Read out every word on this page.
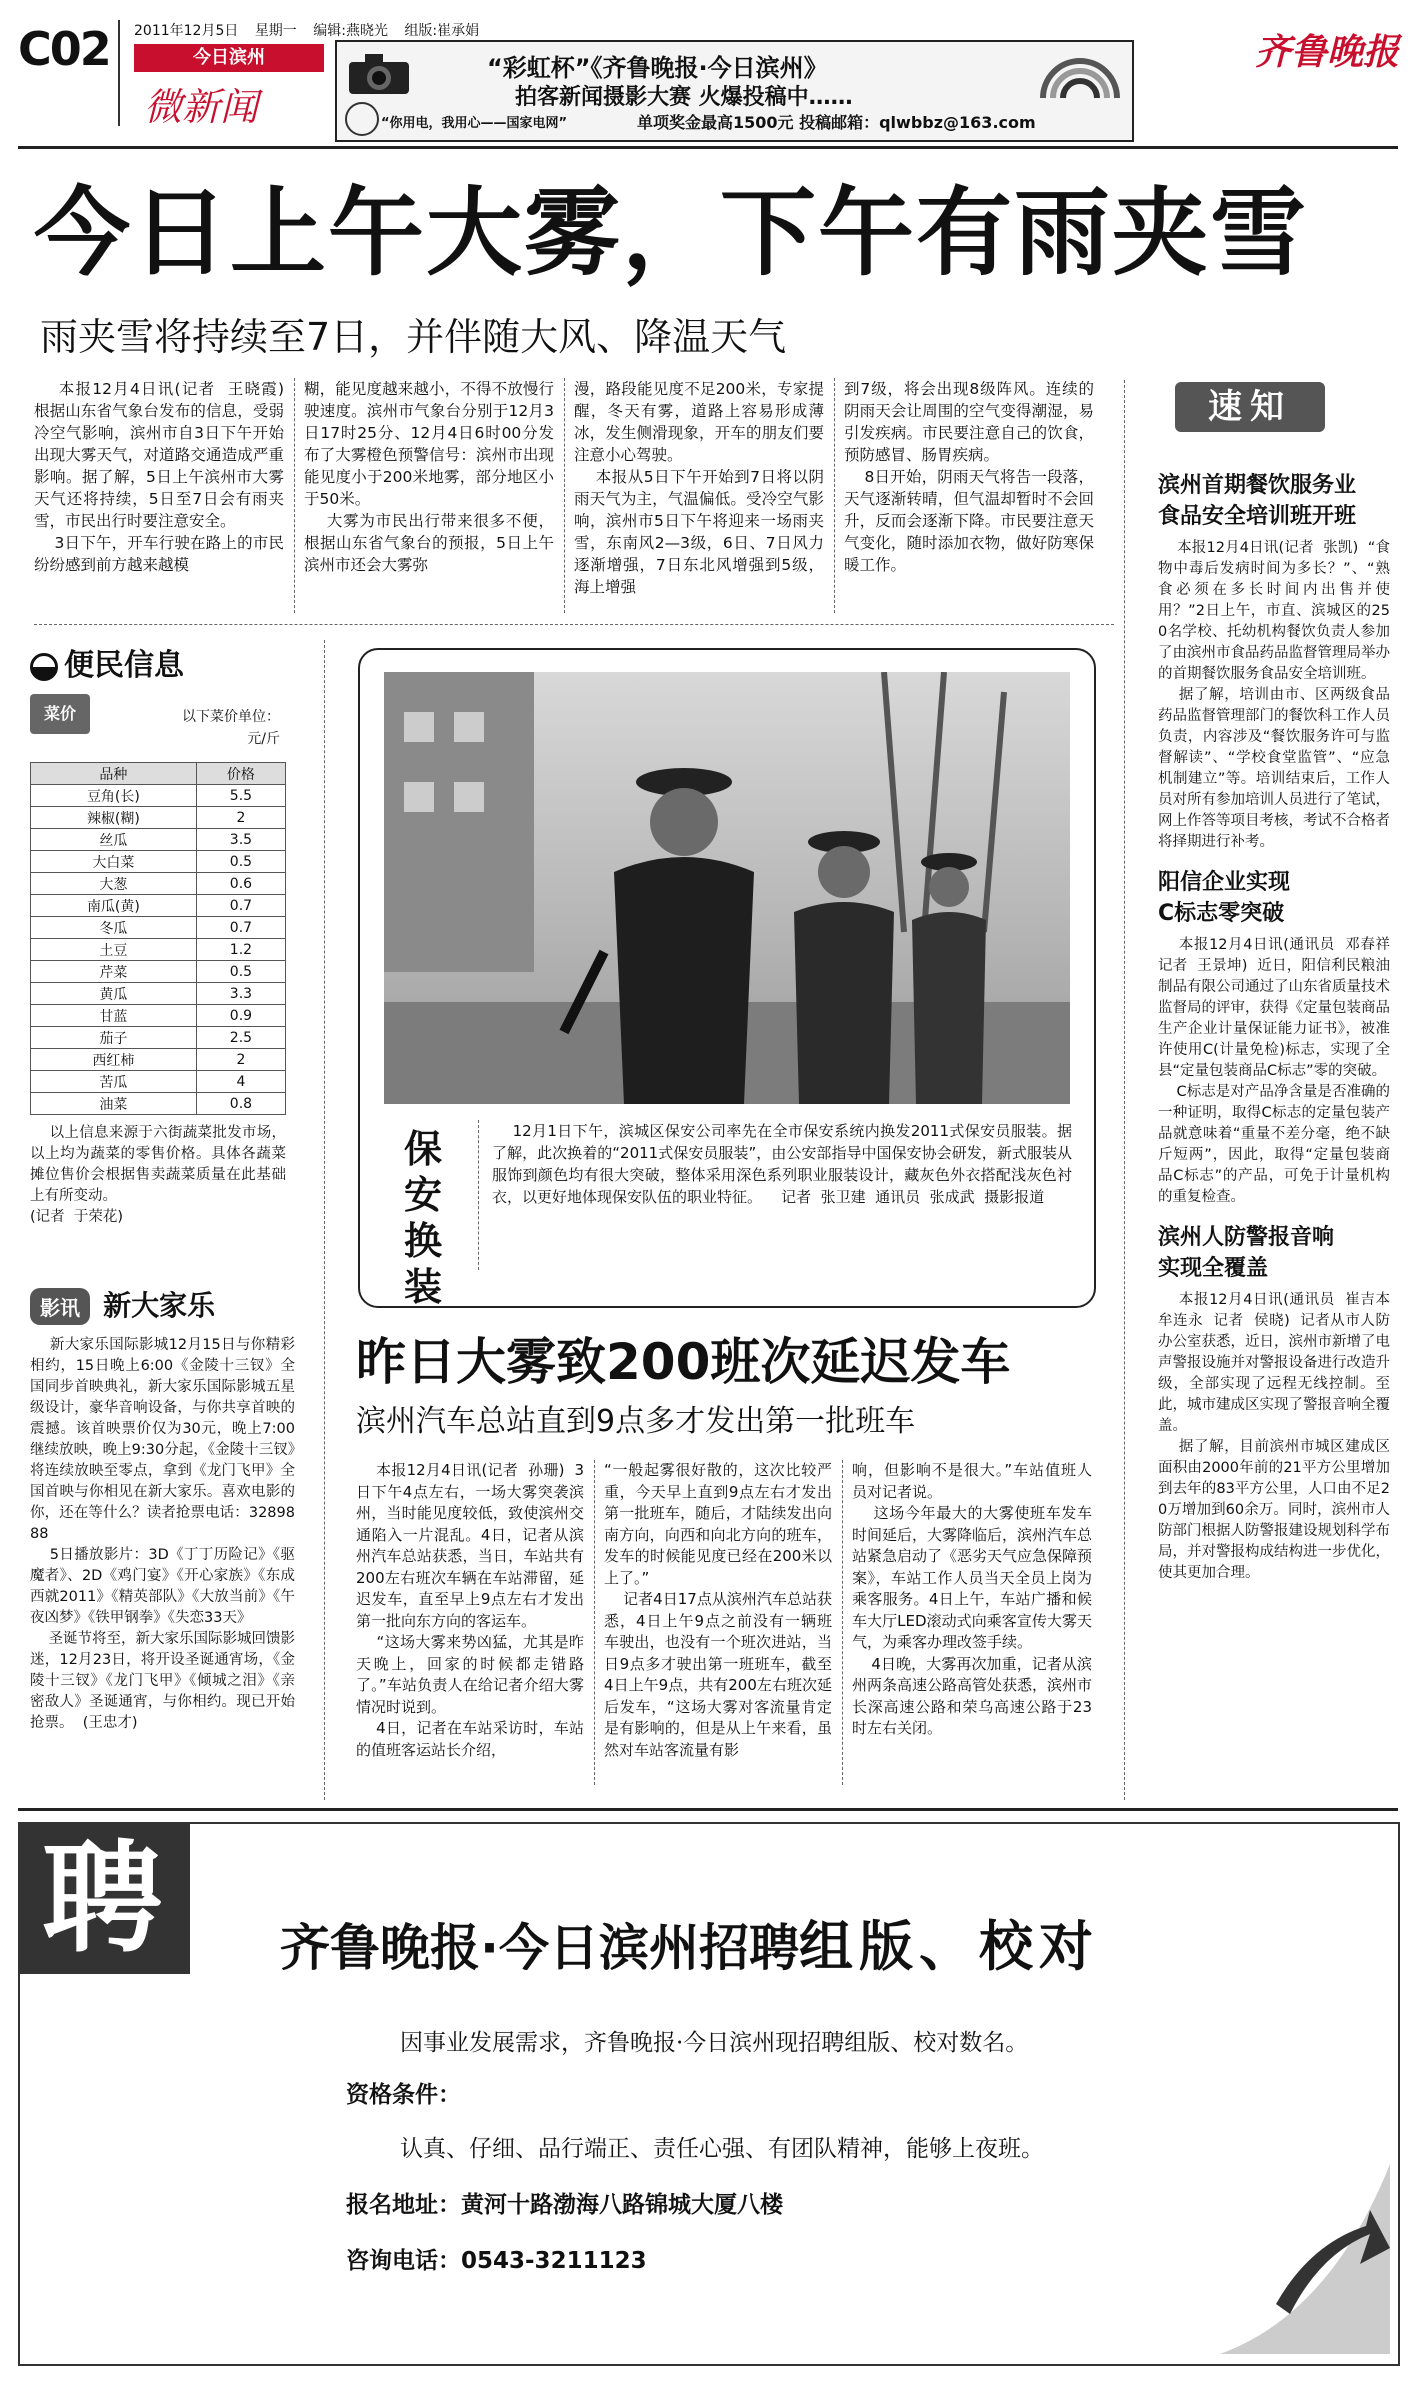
C02 2011年12月5日 星期一 编辑:燕晓光 组版:崔承娟
今日滨州
微新闻
“彩虹杯”《齐鲁晚报·今日滨州》
拍客新闻摄影大赛 火爆投稿中……
“你用电，我用心——国家电网”	单项奖金最高1500元 投稿邮箱：qlwbbz@163.com
齐鲁晚报
今日上午大雾，下午有雨夹雪
雨夹雪将持续至7日，并伴随大风、降温天气
本报12月4日讯(记者  王晓霞)  根据山东省气象台发布的信息，受弱冷空气影响，滨州市自3日下午开始出现大雾天气，对道路交通造成严重影响。据了解，5日上午滨州市大雾天气还将持续，5日至7日会有雨夹雪，市民出行时要注意安全。
3日下午，开车行驶在路上的市民纷纷感到前方越来越模
糊，能见度越来越小，不得不放慢行驶速度。滨州市气象台分别于12月3日17时25分、12月4日6时00分发布了大雾橙色预警信号：滨州市出现能见度小于200米地雾，部分地区小于50米。
大雾为市民出行带来很多不便，根据山东省气象台的预报，5日上午滨州市还会大雾弥
漫，路段能见度不足200米，专家提醒，冬天有雾，道路上容易形成薄冰，发生侧滑现象，开车的朋友们要注意小心驾驶。
本报从5日下午开始到7日将以阴雨天气为主，气温偏低。受冷空气影响，滨州市5日下午将迎来一场雨夹雪，东南风2—3级，6日、7日风力逐渐增强，7日东北风增强到5级，海上增强
到7级，将会出现8级阵风。连续的阴雨天会让周围的空气变得潮湿，易引发疾病。市民要注意自己的饮食，预防感冒、肠胃疾病。
8日开始，阴雨天气将告一段落，天气逐渐转晴，但气温却暂时不会回升，反而会逐渐下降。市民要注意天气变化，随时添加衣物，做好防寒保暖工作。
速知
滨州首期餐饮服务业
食品安全培训班开班
本报12月4日讯(记者  张凯)  “食物中毒后发病时间为多长？”、“熟食必须在多长时间内出售并使用？”2日上午，市直、滨城区的250名学校、托幼机构餐饮负责人参加了由滨州市食品药品监督管理局举办的首期餐饮服务食品安全培训班。
据了解，培训由市、区两级食品药品监督管理部门的餐饮科工作人员负责，内容涉及“餐饮服务许可与监督解读”、“学校食堂监管”、“应急机制建立”等。培训结束后，工作人员对所有参加培训人员进行了笔试，网上作答等项目考核，考试不合格者将择期进行补考。
阳信企业实现
C标志零突破
本报12月4日讯(通讯员  邓春祥  记者  王景坤)  近日，阳信利民粮油制品有限公司通过了山东省质量技术监督局的评审，获得《定量包装商品生产企业计量保证能力证书》，被准许使用C(计量免检)标志，实现了全县“定量包装商品C标志”零的突破。
C标志是对产品净含量是否准确的一种证明，取得C标志的定量包装产品就意味着“重量不差分毫，绝不缺斤短两”，因此，取得“定量包装商品C标志”的产品，可免于计量机构的重复检查。
滨州人防警报音响
实现全覆盖
本报12月4日讯(通讯员  崔吉本  牟连永  记者  侯晓)  记者从市人防办公室获悉，近日，滨州市新增了电声警报设施并对警报设备进行改造升级，全部实现了远程无线控制。至此，城市建成区实现了警报音响全覆盖。
据了解，目前滨州市城区建成区面积由2000年前的21平方公里增加到去年的83平方公里，人口由不足20万增加到60余万。同时，滨州市人防部门根据人防警报建设规划科学布局，并对警报构成结构进一步优化，使其更加合理。
便民信息
菜价	以下菜价单位：
元/斤
品种	价格
豆角(长)	5.5
辣椒(糊)	2
丝瓜	3.5
大白菜	0.5
大葱	0.6
南瓜(黄)	0.7
冬瓜	0.7
土豆	1.2
芹菜	0.5
黄瓜	3.3
甘蓝	0.9
茄子	2.5
西红柿	2
苦瓜	4
油菜	0.8
以上信息来源于六街蔬菜批发市场，以上均为蔬菜的零售价格。具体各蔬菜摊位售价会根据售卖蔬菜质量在此基础上有所变动。
(记者  于荣花)
影讯 新大家乐
新大家乐国际影城12月15日与你精彩相约，15日晚上6:00《金陵十三钗》全国同步首映典礼，新大家乐国际影城五星级设计，豪华音响设备，与你共享首映的震撼。该首映票价仅为30元，晚上7:00继续放映，晚上9:30分起，《金陵十三钗》将连续放映至零点，拿到《龙门飞甲》全国首映与你相见在新大家乐。喜欢电影的你，还在等什么？读者抢票电话：3289888
5日播放影片：3D《丁丁历险记》《驱魔者》、2D《鸡门宴》《开心家族》《东成西就2011》《精英部队》《大放当前》《午夜凶梦》《铁甲钢拳》《失恋33天》
圣诞节将至，新大家乐国际影城回馈影迷，12月23日，将开设圣诞通宵场，《金陵十三钗》《龙门飞甲》《倾城之泪》《亲密敌人》圣诞通宵，与你相约。现已开始抢票。  (王忠才)
保安换装
12月1日下午，滨城区保安公司率先在全市保安系统内换发2011式保安员服装。据了解，此次换着的“2011式保安员服装”，由公安部指导中国保安协会研发，新式服装从服饰到颜色均有很大突破，整体采用深色系列职业服装设计，藏灰色外衣搭配浅灰色衬衣，以更好地体现保安队伍的职业特征。    记者  张卫建  通讯员  张成武  摄影报道
昨日大雾致200班次延迟发车
滨州汽车总站直到9点多才发出第一批班车
本报12月4日讯(记者  孙珊)  3日下午4点左右，一场大雾突袭滨州，当时能见度较低，致使滨州交通陷入一片混乱。4日，记者从滨州汽车总站获悉，当日，车站共有200左右班次车辆在车站滞留，延迟发车，直至早上9点左右才发出第一批向东方向的客运车。
“这场大雾来势凶猛，尤其是昨天晚上，回家的时候都走错路了。”车站负责人在给记者介绍大雾情况时说到。
4日，记者在车站采访时，车站的值班客运站长介绍，
“一般起雾很好散的，这次比较严重，今天早上直到9点左右才发出第一批班车，随后，才陆续发出向南方向，向西和向北方向的班车，发车的时候能见度已经在200米以上了。”
记者4日17点从滨州汽车总站获悉，4日上午9点之前没有一辆班车驶出，也没有一个班次进站，当日9点多才驶出第一班班车，截至4日上午9点，共有200左右班次延后发车，“这场大雾对客流量肯定是有影响的，但是从上午来看，虽然对车站客流量有影
响，但影响不是很大。”车站值班人员对记者说。
这场今年最大的大雾使班车发车时间延后，大雾降临后，滨州汽车总站紧急启动了《恶劣天气应急保障预案》，车站工作人员当天全员上岗为乘客服务。4日上午，车站广播和候车大厅LED滚动式向乘客宣传大雾天气，为乘客办理改签手续。
4日晚，大雾再次加重，记者从滨州两条高速公路高管处获悉，滨州市长深高速公路和荣乌高速公路于23时左右关闭。
聘 齐鲁晚报·今日滨州招聘组版、校对
因事业发展需求，齐鲁晚报·今日滨州现招聘组版、校对数名。
资格条件：
认真、仔细、品行端正、责任心强、有团队精神，能够上夜班。
报名地址：黄河十路渤海八路锦城大厦八楼
咨询电话：0543-3211123
